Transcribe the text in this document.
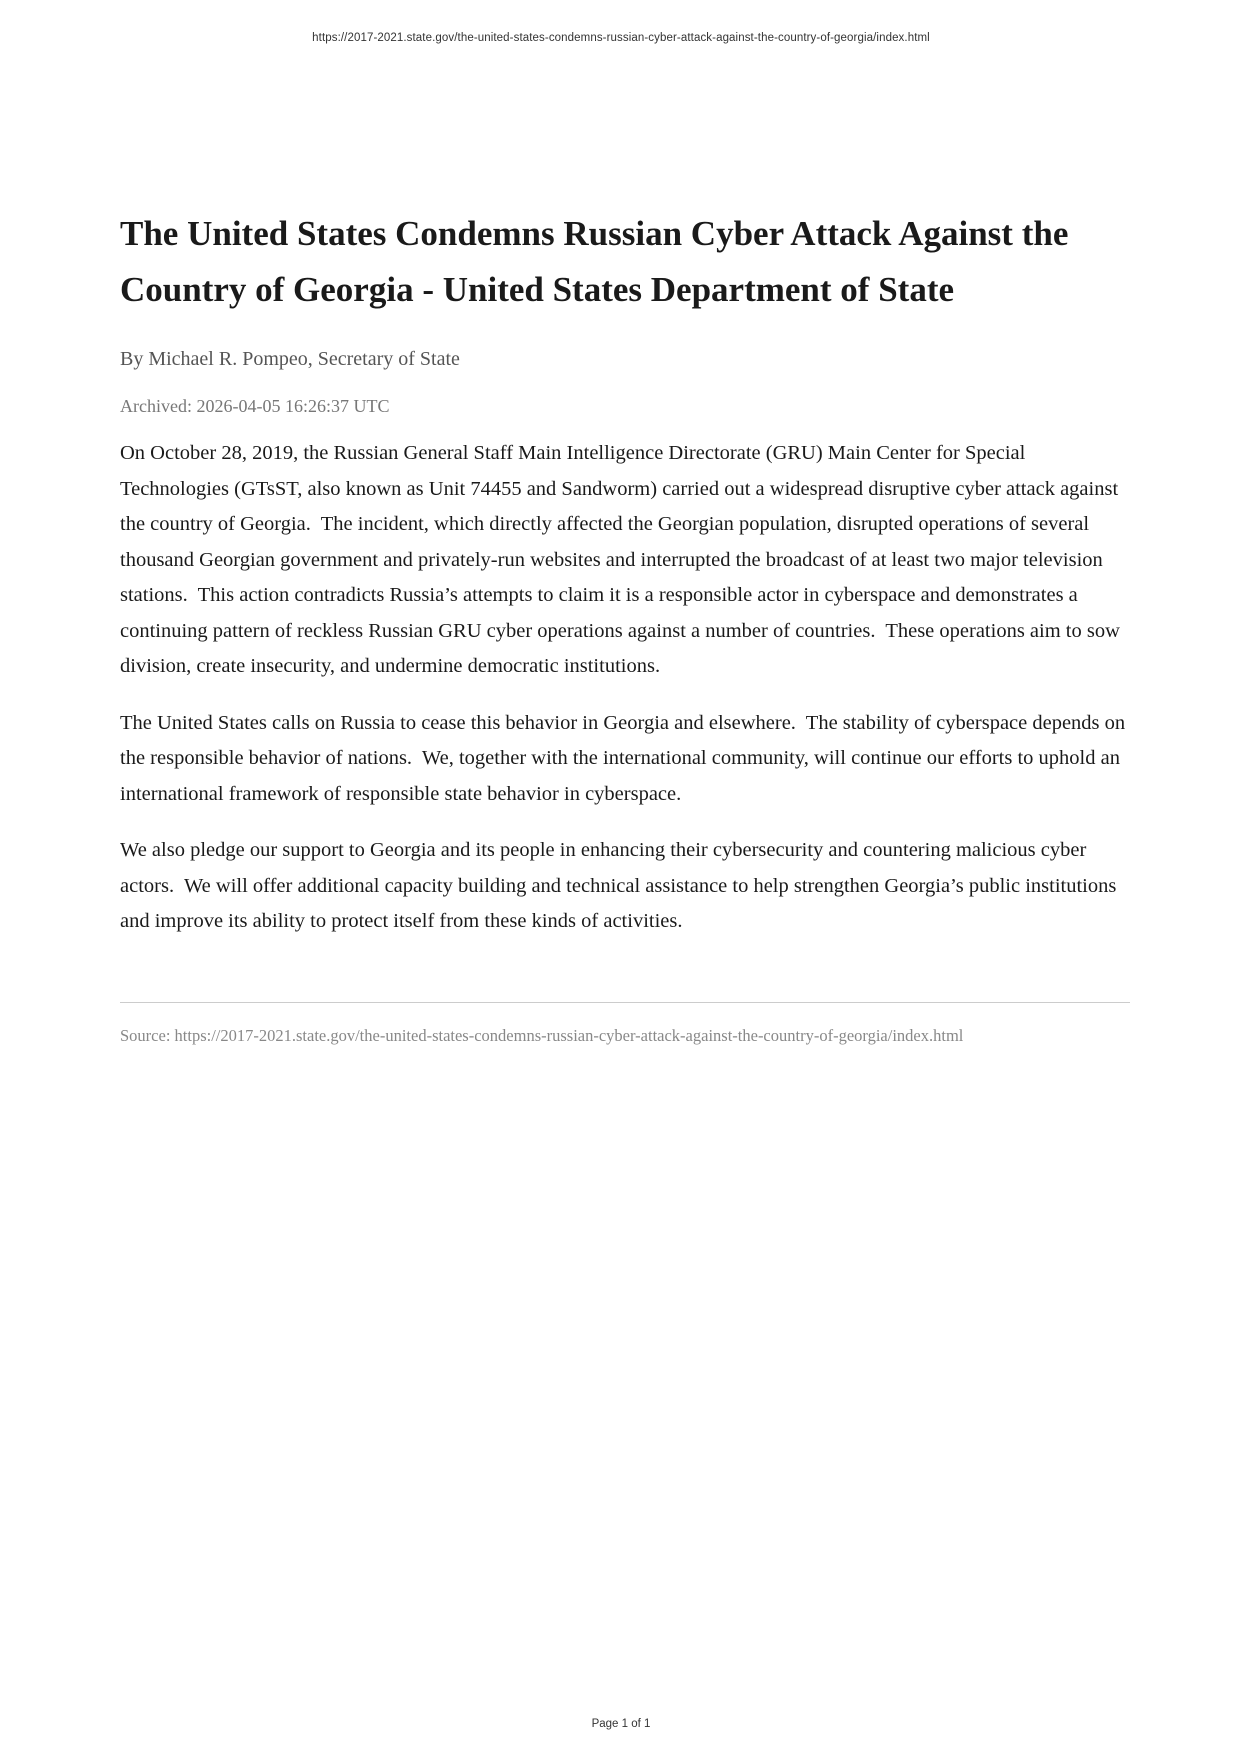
https://2017-2021.state.gov/the-united-states-condemns-russian-cyber-attack-against-the-country-of-georgia/index.html
The United States Condemns Russian Cyber Attack Against the Country of Georgia - United States Department of State
By Michael R. Pompeo, Secretary of State
Archived: 2026-04-05 16:26:37 UTC

On October 28, 2019, the Russian General Staff Main Intelligence Directorate (GRU) Main Center for Special Technologies (GTsST, also known as Unit 74455 and Sandworm) carried out a widespread disruptive cyber attack against the country of Georgia.  The incident, which directly affected the Georgian population, disrupted operations of several thousand Georgian government and privately-run websites and interrupted the broadcast of at least two major television stations.  This action contradicts Russia’s attempts to claim it is a responsible actor in cyberspace and demonstrates a continuing pattern of reckless Russian GRU cyber operations against a number of countries.  These operations aim to sow division, create insecurity, and undermine democratic institutions.

The United States calls on Russia to cease this behavior in Georgia and elsewhere.  The stability of cyberspace depends on the responsible behavior of nations.  We, together with the international community, will continue our efforts to uphold an international framework of responsible state behavior in cyberspace.

We also pledge our support to Georgia and its people in enhancing their cybersecurity and countering malicious cyber actors.  We will offer additional capacity building and technical assistance to help strengthen Georgia’s public institutions and improve its ability to protect itself from these kinds of activities.

Source: https://2017-2021.state.gov/the-united-states-condemns-russian-cyber-attack-against-the-country-of-georgia/index.html
Page 1 of 1
